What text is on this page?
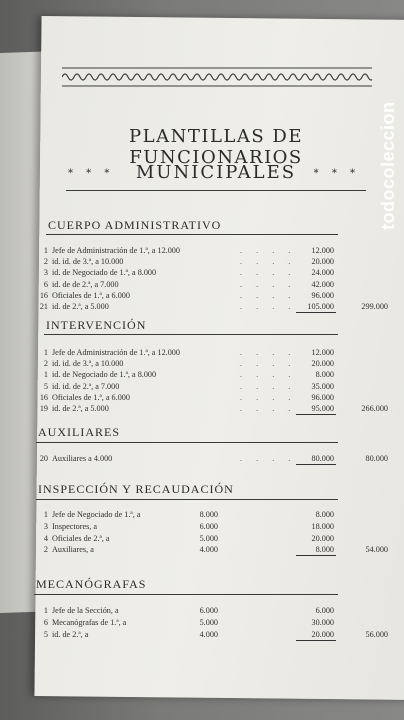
PLANTILLAS DE FUNCIONARIOS
* * *	MUNICIPALES	* * *
CUERPO ADMINISTRATIVO
1 Jefe de Administración de 1.ª, a 12.000	. . . .	12.000
2 id. id. de 3.ª, a 10.000	. . . .	20.000
3 id. de Negociado de 1.ª, a 8.000	. . . .	24.000
6 id. de de 2.ª, a 7.000	. . . .	42.000
16 Oficiales de 1.ª, a 6.000	. . . .	96.000
21 id. de 2.ª, a 5.000	. . . .	105.000	299.000
INTERVENCIÓN
1 Jefe de Administración de 1.ª, a 12.000	. . . .	12.000
2 id. id. de 3.ª, a 10.000	. . . .	20.000
1 id. de Negociado de 1.ª, a 8.000	. . . .	8.000
5 id. id. de 2.ª, a 7.000	. . . .	35.000
16 Oficiales de 1.ª, a 6.000	. . . .	96.000
19 id. de 2.ª, a 5.000	. . . .	95.000	266.000
AUXILIARES
20 Auxiliares a 4.000	. . . .	80.000	80.000
INSPECCIÓN Y RECAUDACIÓN
1 Jefe de Negociado de 1.ª, a	8.000	8.000
3 Inspectores, a	6.000	18.000
4 Oficiales de 2.ª, a	5.000	20.000
2 Auxiliares, a	4.000	8.000	54.000
MECANÓGRAFAS
1 Jefe de la Sección, a	6.000	6.000
6 Mecanógrafas de 1.ª, a	5.000	30.000
5 id. de 2.ª, a	4.000	20.000	56.000
todocoleccion
